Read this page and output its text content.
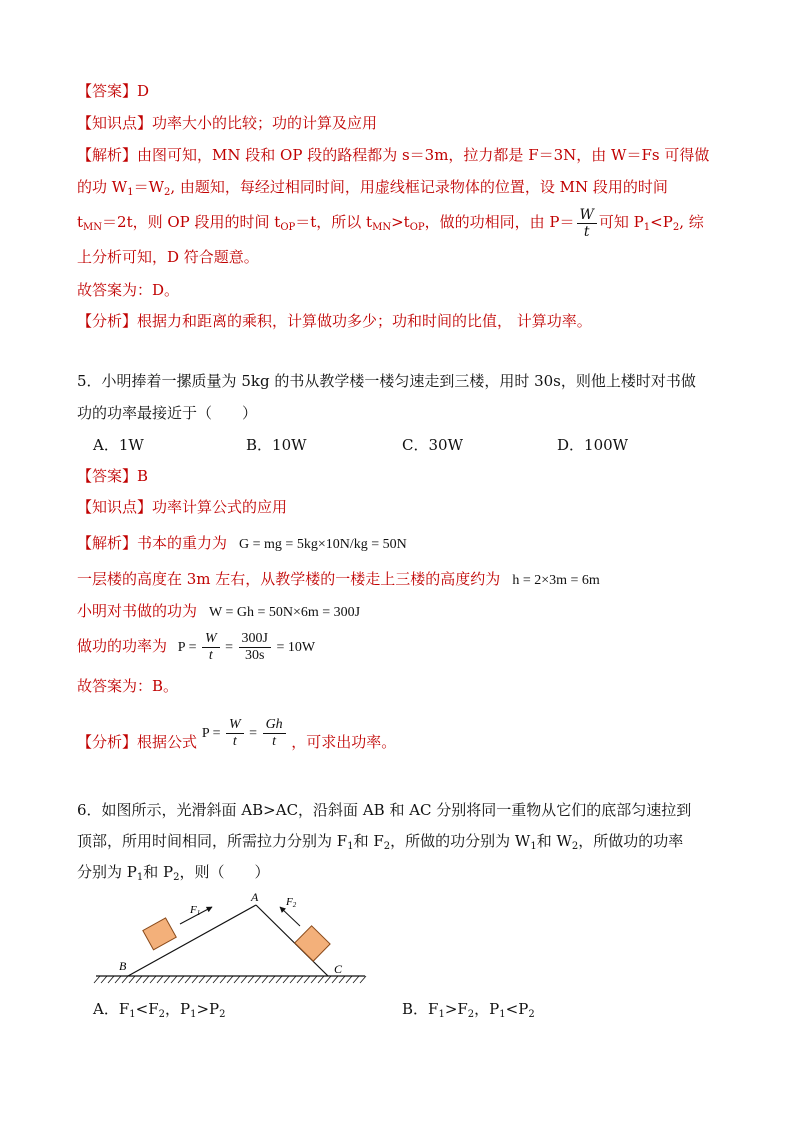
【答案】D
【知识点】功率大小的比较；功的计算及应用
【解析】由图可知，MN 段和 OP 段的路程都为 s＝3m，拉力都是 F＝3N，由 W＝Fs 可得做
的功 $W_1=W_2$, 由题知，每经过相同时间，用虚线框记录物体的位置，设 MN 段用的时间
$t_{MN}=2t$，则 OP 段用的时间 $t_{OP}=t$，所以 $t_{MN}>t_{OP}$，做的功相同，由 $P= \frac{W}{t}$ 可知 $P_1<P_2$, 综
上分析可知，D 符合题意。
故答案为：D。
【分析】根据力和距离的乘积，计算做功多少；功和时间的比值， 计算功率。
5．小明捧着一摞质量为 5kg 的书从教学楼一楼匀速走到三楼，用时 30s，则他上楼时对书做
功的功率最接近于（　　）
A．1W	B．10W	C．30W	D．100W
【答案】B
【知识点】功率计算公式的应用
【解析】书本的重力为 G = mg = 5kg×10N/kg = 50N
一层楼的高度在 3m 左右，从教学楼的一楼走上三楼的高度约为 h = 2×3m = 6m
小明对书做的功为 W = Gh = 50N×6m = 300J
做功的功率为 $P = \frac{W}{t} = \frac{300J}{30s} = 10W$
故答案为：B。
【分析】根据公式 $P = \frac{W}{t} = \frac{Gh}{t}$ ，可求出功率。
6．如图所示，光滑斜面 AB>AC，沿斜面 AB 和 AC 分别将同一重物从它们的底部匀速拉到
顶部，所用时间相同，所需拉力分别为 $F_1$和 $F_2$，所做的功分别为 $W_1$和 $W_2$，所做功的功率
分别为 $P_1$和 $P_2$，则（　　）
F1
F2
A
B	C
A．$F_1<F_2$，$P_1>P_2$	B．$F_1>F_2$，$P_1<P_2$
